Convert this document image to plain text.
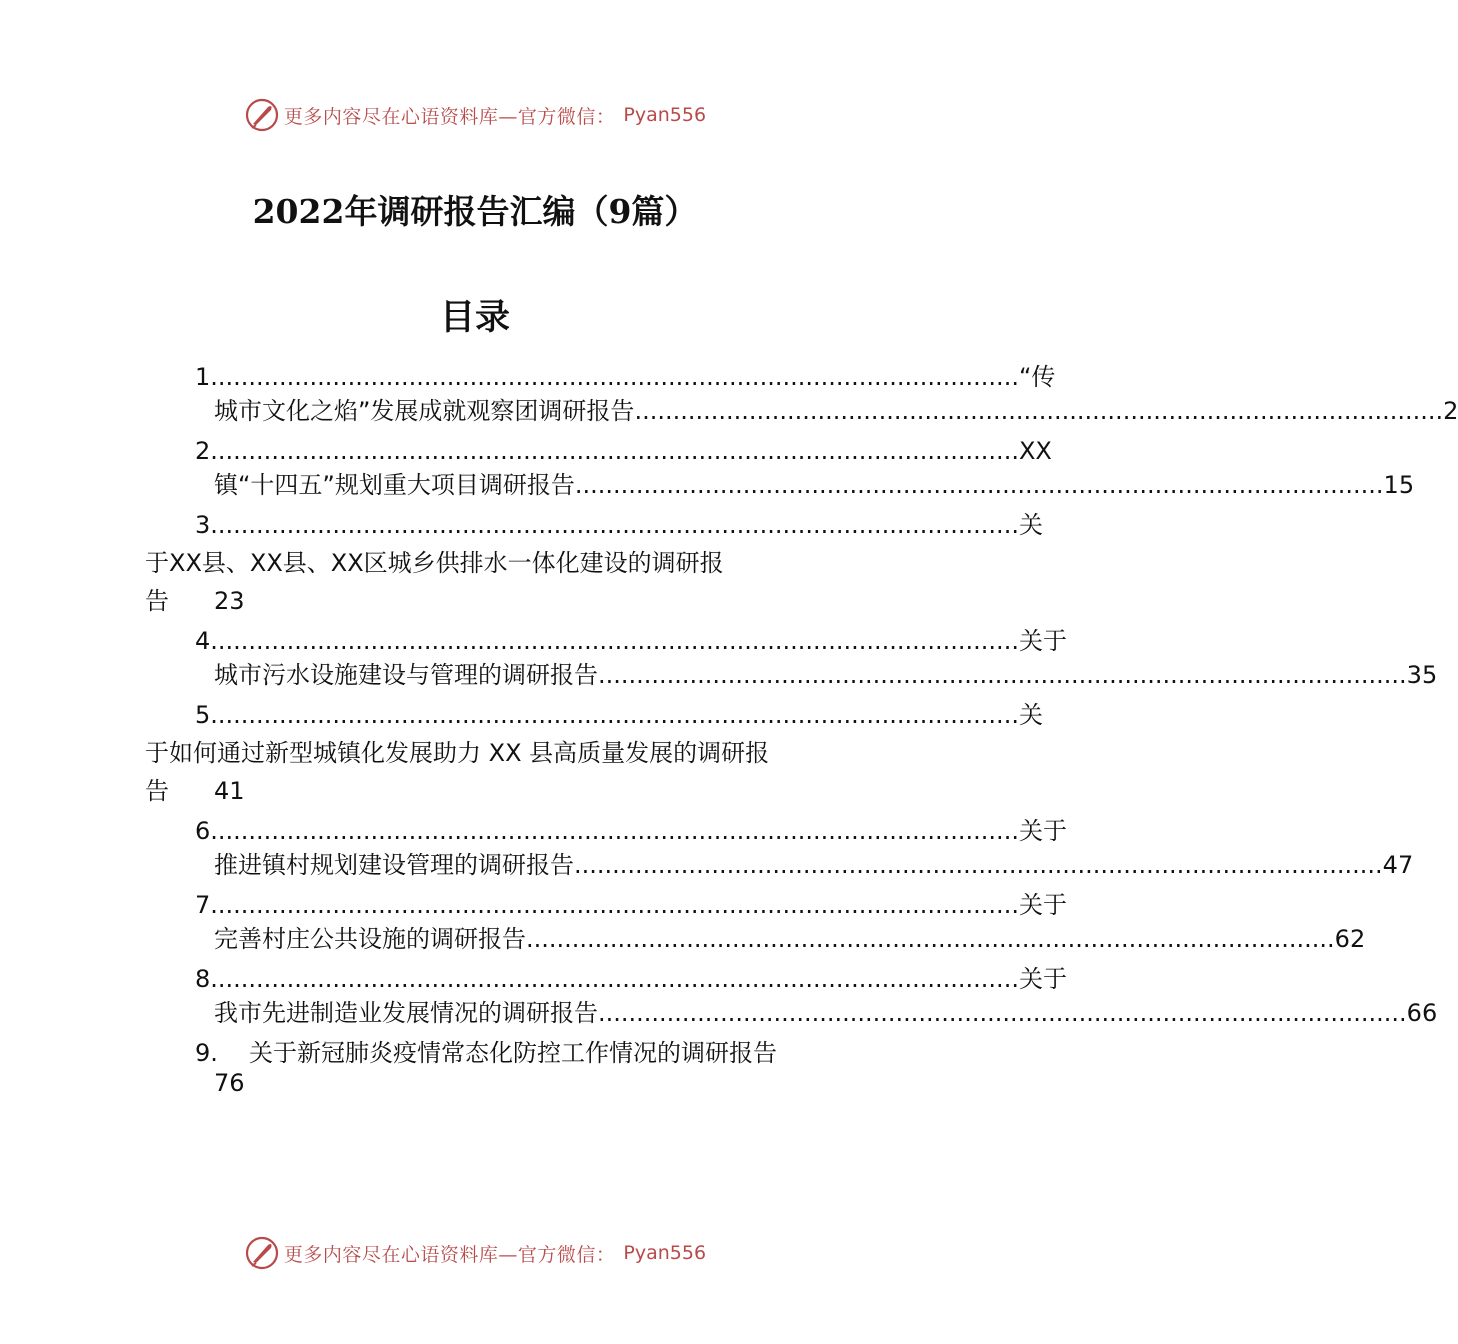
更多内容尽在心语资料库—官方微信： Pyan556
2022年调研报告汇编（9篇）
目录
1 .......................................................................................................... “传
城市文化之焰”发展成就观察团调研报告 .......................................................................................................... 2
2 .......................................................................................................... XX
镇“十四五”规划重大项目调研报告 .......................................................................................................... 15
3 .......................................................................................................... 关
于XX县、XX县、XX区城乡供排水一体化建设的调研报
告	23
4 .......................................................................................................... 关于
城市污水设施建设与管理的调研报告 .......................................................................................................... 35
5 .......................................................................................................... 关
于如何通过新型城镇化发展助力 XX 县高质量发展的调研报
告	41
6 .......................................................................................................... 关于
推进镇村规划建设管理的调研报告 .......................................................................................................... 47
7 .......................................................................................................... 关于
完善村庄公共设施的调研报告 .......................................................................................................... 62
8 .......................................................................................................... 关于
我市先进制造业发展情况的调研报告 .......................................................................................................... 66
9.	关于新冠肺炎疫情常态化防控工作情况的调研报告
76
更多内容尽在心语资料库—官方微信： Pyan556
